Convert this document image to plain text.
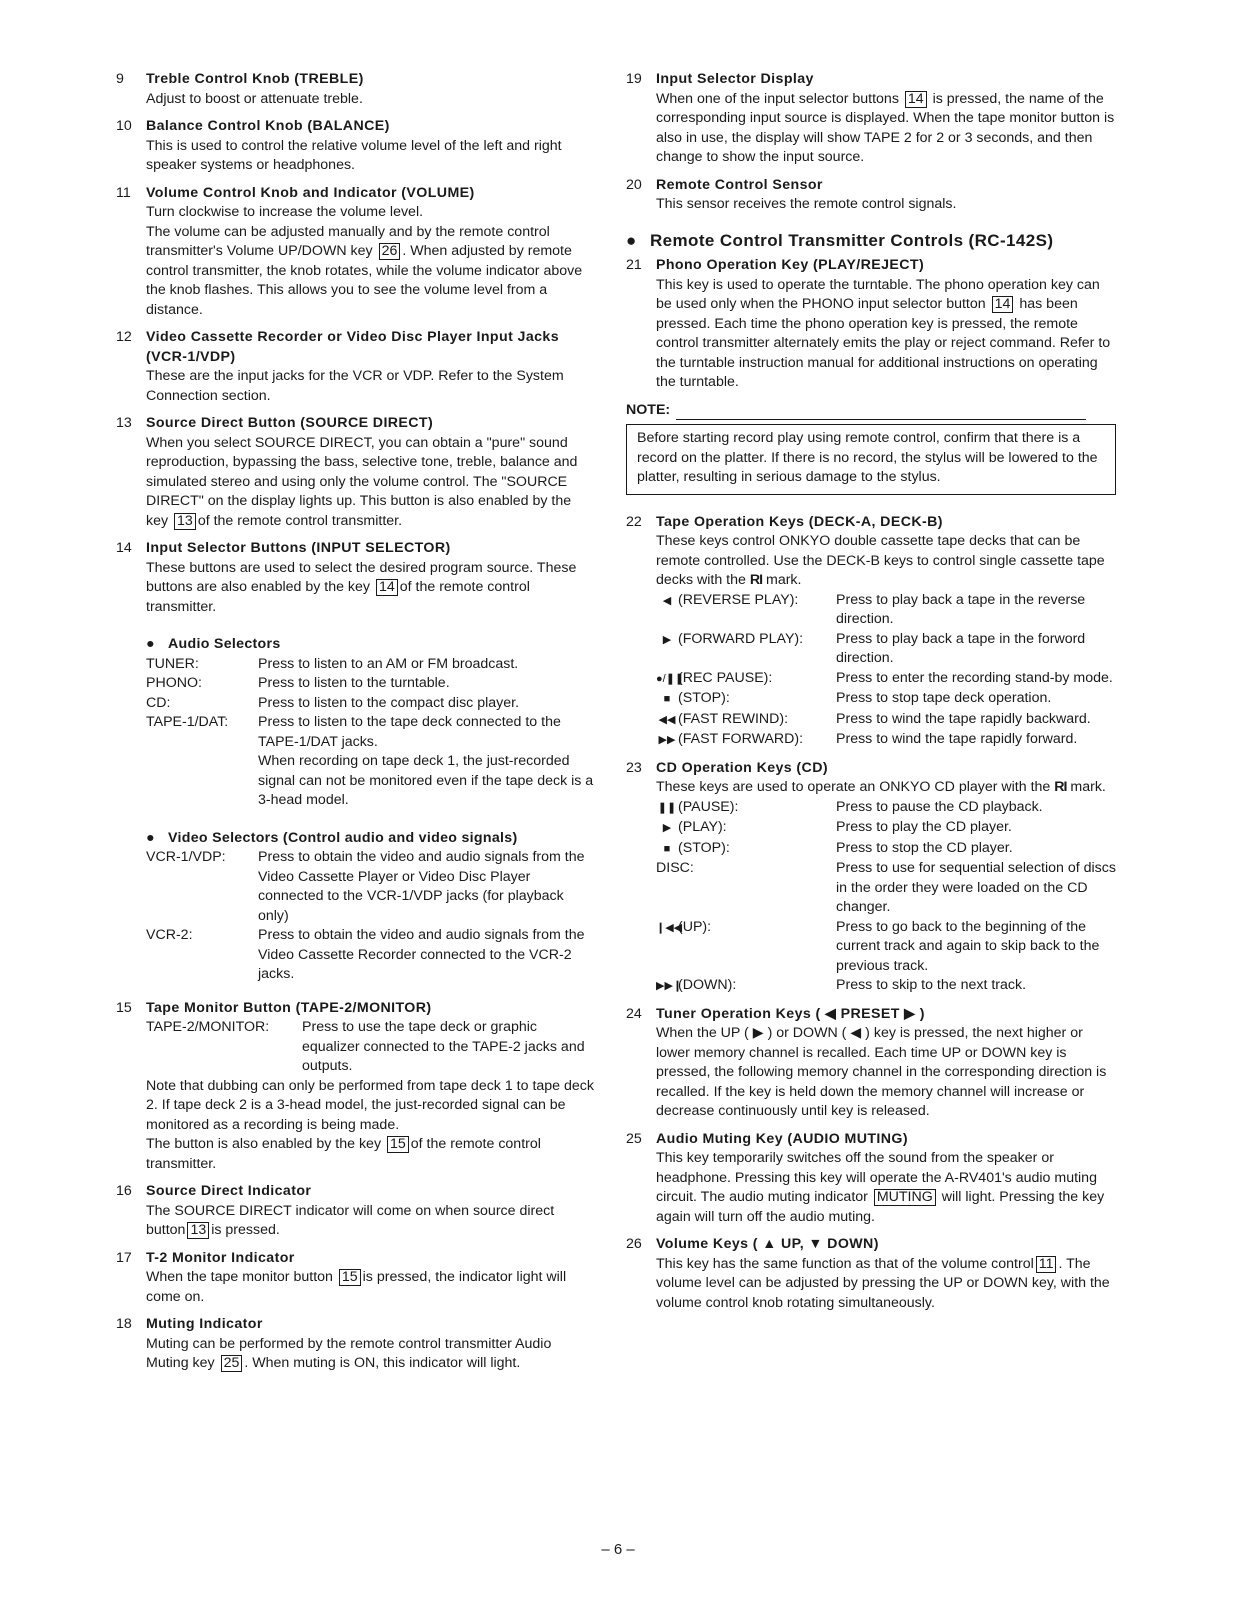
9	Treble Control Knob (TREBLE)

Adjust to boost or attenuate treble.

10	Balance Control Knob (BALANCE)

This is used to control the relative volume level of the left and right speaker systems or headphones.

11	Volume Control Knob and Indicator (VOLUME)

Turn clockwise to increase the volume level.

The volume can be adjusted manually and by the remote control transmitter's Volume UP/DOWN key 26 . When adjusted by remote control transmitter, the knob rotates, while the volume indicator above the knob flashes. This allows you to see the volume level from a distance.

12	Video Cassette Recorder or Video Disc Player Input Jacks (VCR-1/VDP)

These are the input jacks for the VCR or VDP. Refer to the System Connection section.

13	Source Direct Button (SOURCE DIRECT)

When you select SOURCE DIRECT, you can obtain a "pure" sound reproduction, bypassing the bass, selective tone, treble, balance and simulated stereo and using only the volume control. The "SOURCE DIRECT" on the display lights up. This button is also enabled by the key 13 of the remote control transmitter.

14	Input Selector Buttons (INPUT SELECTOR)

These buttons are used to select the desired program source. These buttons are also enabled by the key 14 of the remote control transmitter.

● Audio Selectors
TUNER:	Press to listen to an AM or FM broadcast.
PHONO:	Press to listen to the turntable.
CD:	Press to listen to the compact disc player.
TAPE-1/DAT:	Press to listen to the tape deck connected to the TAPE-1/DAT jacks.
When recording on tape deck 1, the just-recorded signal can not be monitored even if the tape deck is a 3-head model.
● Video Selectors (Control audio and video signals)
VCR-1/VDP:	Press to obtain the video and audio signals from the Video Cassette Player or Video Disc Player connected to the VCR-1/VDP jacks (for playback only)
VCR-2:	Press to obtain the video and audio signals from the Video Cassette Recorder connected to the VCR-2 jacks.
15	Tape Monitor Button (TAPE-2/MONITOR)
TAPE-2/MONITOR:	Press to use the tape deck or graphic equalizer connected to the TAPE-2 jacks and outputs.

Note that dubbing can only be performed from tape deck 1 to tape deck 2. If tape deck 2 is a 3-head model, the just-recorded signal can be monitored as a recording is being made.

The button is also enabled by the key 15 of the remote control transmitter.

16	Source Direct Indicator

The SOURCE DIRECT indicator will come on when source direct button 13 is pressed.

17	T-2 Monitor Indicator

When the tape monitor button 15 is pressed, the indicator light will come on.

18	Muting Indicator

Muting can be performed by the remote control transmitter Audio Muting key 25 . When muting is ON, this indicator will light.

19	Input Selector Display

When one of the input selector buttons 14 is pressed, the name of the corresponding input source is displayed. When the tape monitor button is also in use, the display will show TAPE 2 for 2 or 3 seconds, and then change to show the input source.

20	Remote Control Sensor

This sensor receives the remote control signals.

● Remote Control Transmitter Controls (RC-142S)
21	Phono Operation Key (PLAY/REJECT)

This key is used to operate the turntable. The phono operation key can be used only when the PHONO input selector button 14 has been pressed. Each time the phono operation key is pressed, the remote control transmitter alternately emits the play or reject command. Refer to the turntable instruction manual for additional instructions on operating the turntable.

NOTE:

Before starting record play using remote control, confirm that there is a record on the platter. If there is no record, the stylus will be lowered to the platter, resulting in serious damage to the stylus.

22	Tape Operation Keys (DECK-A, DECK-B)

These keys control ONKYO double cassette tape decks that can be remote controlled. Use the DECK-B keys to control single cassette tape decks with the RI mark.

◀ (REVERSE PLAY):	Press to play back a tape in the reverse direction.
▶ (FORWARD PLAY):	Press to play back a tape in the forword direction.
●/❚❚(REC PAUSE):	Press to enter the recording stand-by mode.
■ (STOP):	Press to stop tape deck operation.
◀◀ (FAST REWIND):	Press to wind the tape rapidly backward.
▶▶ (FAST FORWARD):	Press to wind the tape rapidly forward.
23	CD Operation Keys (CD)

These keys are used to operate an ONKYO CD player with the RI mark.

❚❚ (PAUSE):	Press to pause the CD playback.
▶ (PLAY):	Press to play the CD player.
■ (STOP):	Press to stop the CD player.
DISC:	Press to use for sequential selection of discs in the order they were loaded on the CD changer.
❙◀◀(UP):	Press to go back to the beginning of the current track and again to skip back to the previous track.
▶▶❙(DOWN):	Press to skip to the next track.
24	Tuner Operation Keys ( ◀ PRESET ▶ )

When the UP ( ▶ ) or DOWN ( ◀ ) key is pressed, the next higher or lower memory channel is recalled. Each time UP or DOWN key is pressed, the following memory channel in the corresponding direction is recalled. If the key is held down the memory channel will increase or decrease continuously until key is released.

25	Audio Muting Key (AUDIO MUTING)

This key temporarily switches off the sound from the speaker or headphone. Pressing this key will operate the A-RV401's audio muting circuit. The audio muting indicator MUTING will light. Pressing the key again will turn off the audio muting.

26	Volume Keys ( ▲ UP, ▼ DOWN)

This key has the same function as that of the volume control 11 . The volume level can be adjusted by pressing the UP or DOWN key, with the volume control knob rotating simultaneously.

– 6 –
